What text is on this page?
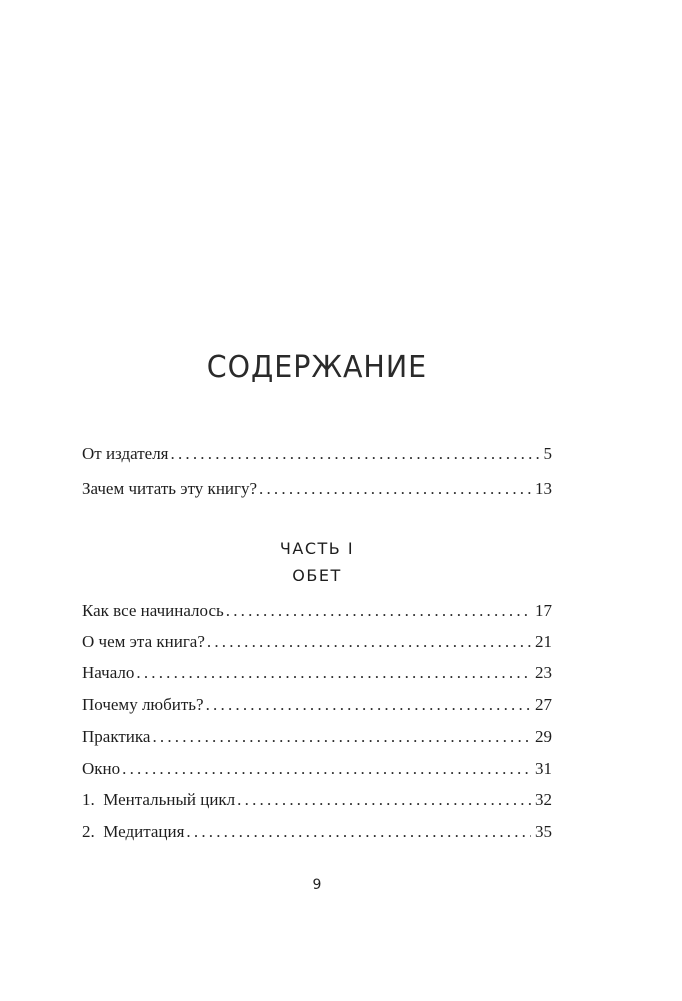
СОДЕРЖАНИЕ
От издателя .....	5
Зачем читать эту книгу? .....	13
ЧАСТЬ I
ОБЕТ
Как все начиналось .....	17
О чем эта книга? .....	21
Начало .....	23
Почему любить? .....	27
Практика .....	29
Окно .....	31
1.  Ментальный цикл .....	32
2.  Медитация .....	35
9
